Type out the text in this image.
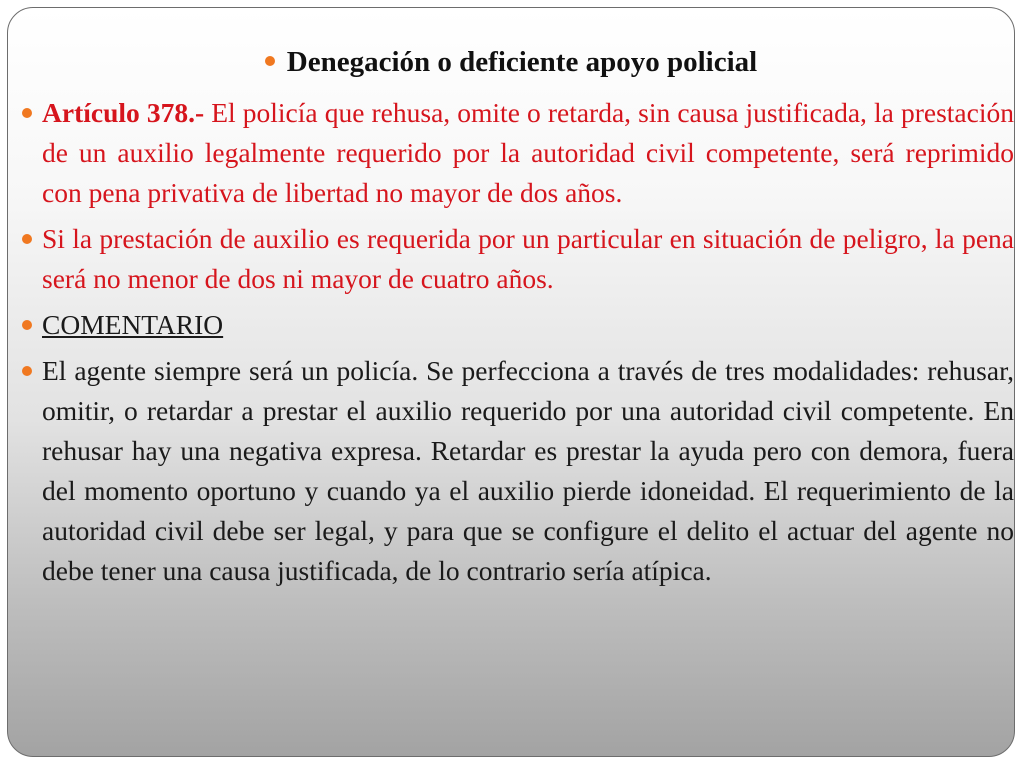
Denegación o deficiente apoyo policial
Artículo 378.- El policía que rehusa, omite o retarda, sin causa justificada, la prestación de un auxilio legalmente requerido por la autoridad civil competente, será reprimido con pena privativa de libertad no mayor de dos años.
Si la prestación de auxilio es requerida por un particular en situación de peligro, la pena será no menor de dos ni mayor de cuatro años.
COMENTARIO
El agente siempre será un policía. Se perfecciona a través de tres modalidades: rehusar, omitir, o retardar a prestar el auxilio requerido por una autoridad civil competente. En rehusar hay una negativa expresa. Retardar es prestar la ayuda pero con demora, fuera del momento oportuno y cuando ya el auxilio pierde idoneidad. El requerimiento de la autoridad civil debe ser legal, y para que se configure el delito el actuar del agente no debe tener una causa justificada, de lo contrario sería atípica.
